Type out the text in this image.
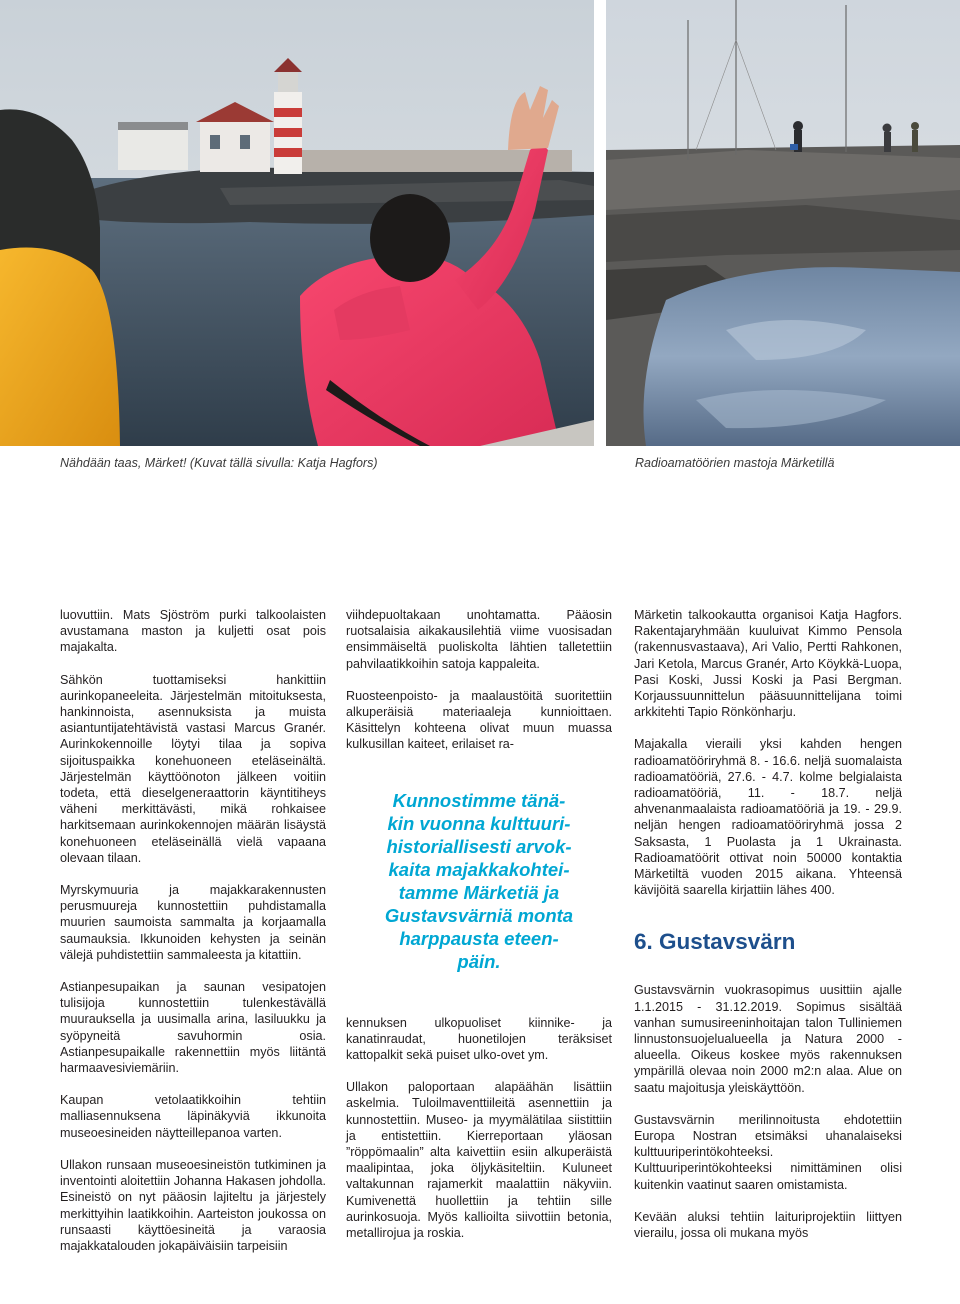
Nähdään taas, Märket! (Kuvat tällä sivulla: Katja Hagfors)	Radioamatöörien mastoja Märketillä

luovuttiin. Mats Sjöström purki talkoolaisten avustamana maston ja kuljetti osat pois majakalta.

Sähkön tuottamiseksi hankittiin aurinkopaneeleita. Järjestelmän mitoituksesta, hankinnoista, asennuksista ja muista asiantuntijatehtävistä vastasi Marcus Granér. Aurinkokennoille löytyi tilaa ja sopiva sijoituspaikka konehuoneen eteläseinältä. Järjestelmän käyttöönoton jälkeen voitiin todeta, että dieselgeneraattorin käyntitiheys väheni merkittävästi, mikä rohkaisee harkitsemaan aurinkokennojen määrän lisäystä konehuoneen eteläseinällä vielä vapaana olevaan tilaan.

Myrskymuuria ja majakkarakennusten perusmuureja kunnostettiin puhdistamalla muurien saumoista sammalta ja korjaamalla saumauksia. Ikkunoiden kehysten ja seinän välejä puhdistettiin sammaleesta ja kitattiin.

Astianpesupaikan ja saunan vesipatojen tulisijoja kunnostettiin tulenkestävällä muurauksella ja uusimalla arina, lasiluukku ja syöpyneitä savuhormin osia. Astianpesupaikalle rakennettiin myös liitäntä harmaavesiviemäriin.

Kaupan vetolaatikkoihin tehtiin malliasennuksena läpinäkyviä ikkunoita museoesineiden näytteillepanoa varten.

Ullakon runsaan museoesineistön tutkiminen ja inventointi aloitettiin Johanna Hakasen johdolla. Esineistö on nyt pääosin lajiteltu ja järjestely merkittyihin laatikkoihin. Aarteiston joukossa on runsaasti käyttöesineitä ja varaosia majakkatalouden jokapäiväisiin tarpeisiin

viihdepuoltakaan unohtamatta. Pääosin ruotsalaisia aikakausilehtiä viime vuosisadan ensimmäiseltä puoliskolta lähtien talletettiin pahvilaatikkoihin satoja kappaleita.

Ruosteenpoisto- ja maalaustöitä suoritettiin alkuperäisiä materiaaleja kunnioittaen. Käsittelyn kohteena olivat muun muassa kulkusillan kaiteet, erilaiset ra-

Kunnostimme tänä-
kin vuonna kulttuuri-
historiallisesti arvok-
kaita majakkakohtei-
tamme Märketiä ja
Gustavsvärniä monta
harppausta eteen-
päin.

kennuksen ulkopuoliset kiinnike- ja kanatinraudat, huonetilojen teräksiset kattopalkit sekä puiset ulko-ovet ym.

Ullakon paloportaan alapäähän lisättiin askelmia. Tuloilmaventtiileitä asennettiin ja kunnostettiin. Museo- ja myymälätilaa siistittiin ja entistettiin. Kierreportaan yläosan ”röppömaalin” alta kaivettiin esiin alkuperäistä maalipintaa, joka öljykäsiteltiin. Kuluneet valtakunnan rajamerkit maalattiin näkyviin. Kumivenettä huollettiin ja tehtiin sille aurinkosuoja. Myös kallioilta siivottiin betonia, metallirojua ja roskia.

Märketin talkookautta organisoi Katja Hagfors. Rakentajaryhmään kuuluivat Kimmo Pensola (rakennusvastaava), Ari Valio, Pertti Rahkonen, Jari Ketola, Marcus Granér, Arto Köykkä-Luopa, Pasi Koski, Jussi Koski ja Pasi Bergman. Korjaussuunnittelun pääsuunnittelijana toimi arkkitehti Tapio Rönkönharju.

Majakalla vieraili yksi kahden hengen radioamatööriryhmä 8. - 16.6. neljä suomalaista radioamatööriä, 27.6. - 4.7. kolme belgialaista radioamatööriä, 11. - 18.7. neljä ahvenanmaalaista radioamatööriä ja 19. - 29.9. neljän hengen radioamatööriryhmä jossa 2 Saksasta, 1 Puolasta ja 1 Ukrainasta. Radioamatöörit ottivat noin 50000 kontaktia Märketiltä vuoden 2015 aikana. Yhteensä kävijöitä saarella kirjattiin lähes 400.

6. Gustavsvärn

Gustavsvärnin vuokrasopimus uusittiin ajalle 1.1.2015 - 31.12.2019. Sopimus sisältää vanhan sumusireeninhoitajan talon Tulliniemen linnustonsuojelualueella ja Natura 2000 -alueella. Oikeus koskee myös rakennuksen ympärillä olevaa noin 2000 m2:n alaa. Alue on saatu majoitusja yleiskäyttöön.

Gustavsvärnin merilinnoitusta ehdotettiin Europa Nostran etsimäksi uhanalaiseksi kulttuuriperintökohteeksi. Kulttuuriperintökohteeksi nimittäminen olisi kuitenkin vaatinut saaren omistamista.

Kevään aluksi tehtiin laituriprojektiin liittyen vierailu, jossa oli mukana myös
